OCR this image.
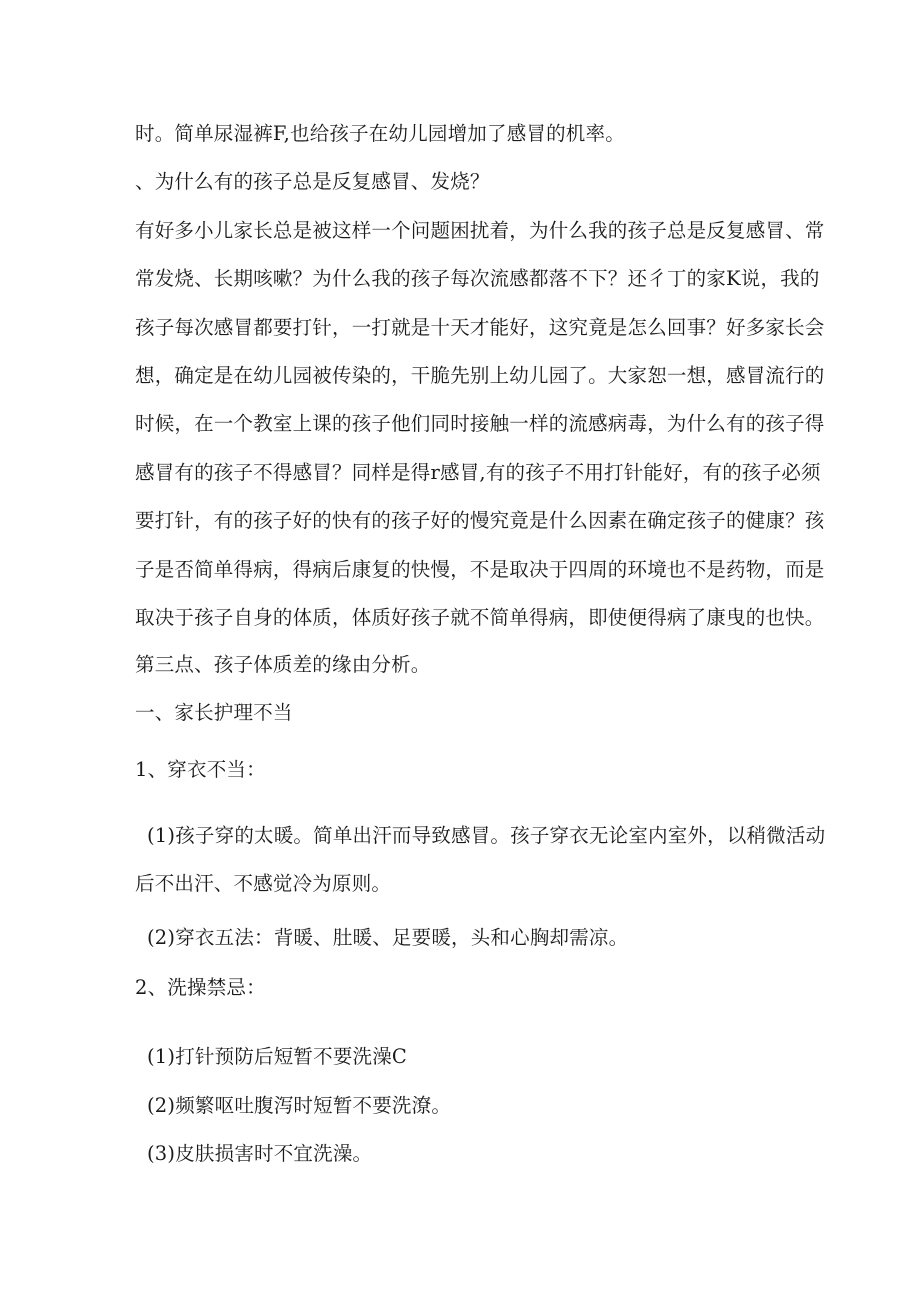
时。简单尿湿裤F,也给孩子在幼儿园增加了感冒的机率。
、为什么有的孩子总是反复感冒、发烧？
有好多小儿家长总是被这样一个问题困扰着，为什么我的孩子总是反复感冒、常
常发烧、长期咳嗽？为什么我的孩子每次流感都落不下？还彳丁的家K说，我的
孩子每次感冒都要打针，一打就是十天才能好，这究竟是怎么回事？好多家长会
想，确定是在幼儿园被传染的，干脆先别上幼儿园了。大家恕一想，感冒流行的
时候，在一个教室上课的孩子他们同时接触一样的流感病毒，为什么有的孩子得
感冒有的孩子不得感冒？同样是得r感冒,有的孩子不用打针能好，有的孩子必须
要打针，有的孩子好的快有的孩子好的慢究竟是什么因素在确定孩子的健康？孩
子是否简单得病，得病后康复的快慢，不是取决于四周的环境也不是药物，而是
取决于孩子自身的体质，体质好孩子就不简单得病，即使便得病了康曳的也快。
第三点、孩子体质差的缘由分析。
一、家长护理不当
1、穿衣不当：
(1)孩子穿的太暖。简单出汗而导致感冒。孩子穿衣无论室内室外，以稍微活动
后不出汗、不感觉冷为原则。
(2)穿衣五法：背暖、肚暖、足要暖，头和心胸却需凉。
2、洗操禁忌：
(1)打针预防后短暂不要洗澡C
(2)频繁呕吐腹泻时短暂不要洗潦。
(3)皮肤损害时不宜洗澡。
